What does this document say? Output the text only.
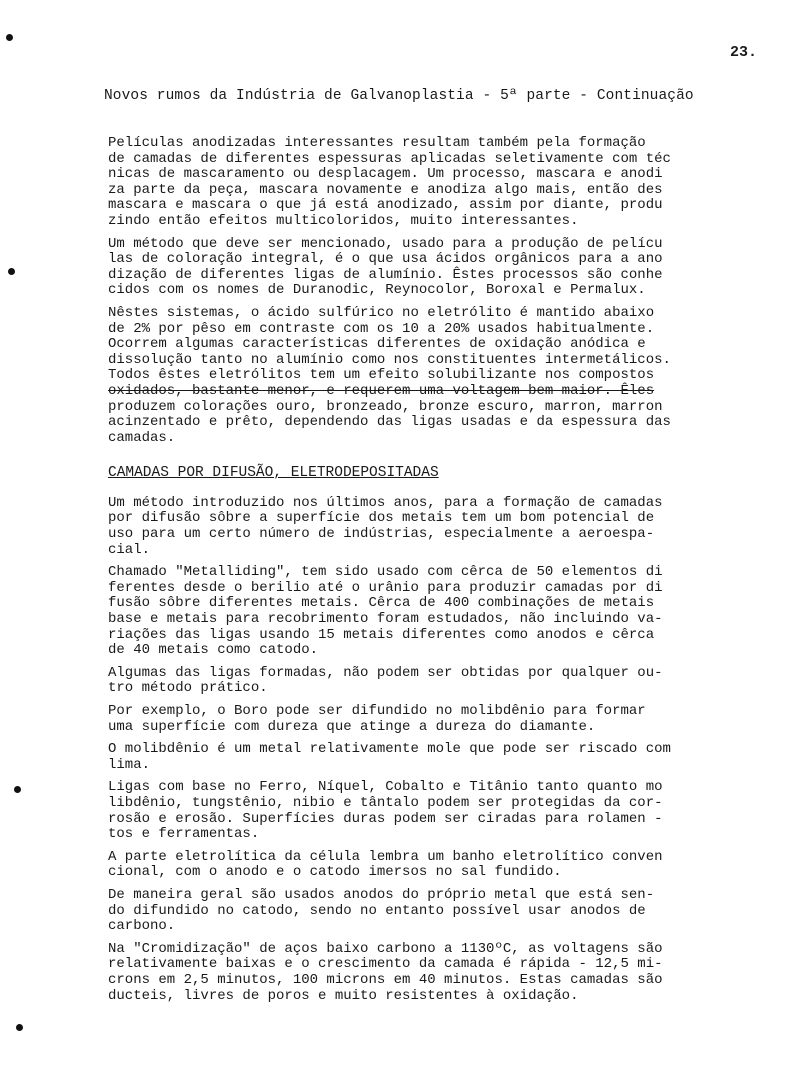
23.
Novos rumos da Indústria de Galvanoplastia - 5ª parte - Continuação

Películas anodizadas interessantes resultam também pela formação
de camadas de diferentes espessuras aplicadas seletivamente com téc
nicas de mascaramento ou desplacagem. Um processo, mascara e anodi
za parte da peça, mascara novamente e anodiza algo mais, então des
mascara e mascara o que já está anodizado, assim por diante, produ
zindo então efeitos multicoloridos, muito interessantes.

Um método que deve ser mencionado, usado para a produção de pelícu
las de coloração integral, é o que usa ácidos orgânicos para a ano
dização de diferentes ligas de alumínio. Êstes processos são conhe
cidos com os nomes de Duranodic, Reynocolor, Boroxal e Permalux.

Nêstes sistemas, o ácido sulfúrico no eletrólito é mantido abaixo
de 2% por pêso em contraste com os 10 a 20% usados habitualmente.
Ocorrem algumas características diferentes de oxidação anódica e
dissolução tanto no alumínio como nos constituentes intermetálicos.
Todos êstes eletrólitos tem um efeito solubilizante nos compostos
oxidados, bastante menor, e requerem uma voltagem bem maior. Êles
produzem colorações ouro, bronzeado, bronze escuro, marron, marron
acinzentado e prêto, dependendo das ligas usadas e da espessura das
camadas.

CAMADAS POR DIFUSÃO, ELETRODEPOSITADAS

Um método introduzido nos últimos anos, para a formação de camadas
por difusão sôbre a superfície dos metais tem um bom potencial de
uso para um certo número de indústrias, especialmente a aeroespa-
cial.

Chamado "Metalliding", tem sido usado com cêrca de 50 elementos di
ferentes desde o berilio até o urânio para produzir camadas por di
fusão sôbre diferentes metais. Cêrca de 400 combinações de metais
base e metais para recobrimento foram estudados, não incluindo va-
riações das ligas usando 15 metais diferentes como anodos e cêrca
de 40 metais como catodo.

Algumas das ligas formadas, não podem ser obtidas por qualquer ou-
tro método prático.

Por exemplo, o Boro pode ser difundido no molibdênio para formar
uma superfície com dureza que atinge a dureza do diamante.

O molibdênio é um metal relativamente mole que pode ser riscado com
lima.

Ligas com base no Ferro, Níquel, Cobalto e Titânio tanto quanto mo
libdênio, tungstênio, nibio e tântalo podem ser protegidas da cor-
rosão e erosão. Superfícies duras podem ser ciradas para rolamen -
tos e ferramentas.

A parte eletrolítica da célula lembra um banho eletrolítico conven
cional, com o anodo e o catodo imersos no sal fundido.

De maneira geral são usados anodos do próprio metal que está sen-
do difundido no catodo, sendo no entanto possível usar anodos de
carbono.

Na "Cromidização" de aços baixo carbono a 1130ºC, as voltagens são
relativamente baixas e o crescimento da camada é rápida - 12,5 mi-
crons em 2,5 minutos, 100 microns em 40 minutos. Estas camadas são
ducteis, livres de poros e muito resistentes à oxidação.
